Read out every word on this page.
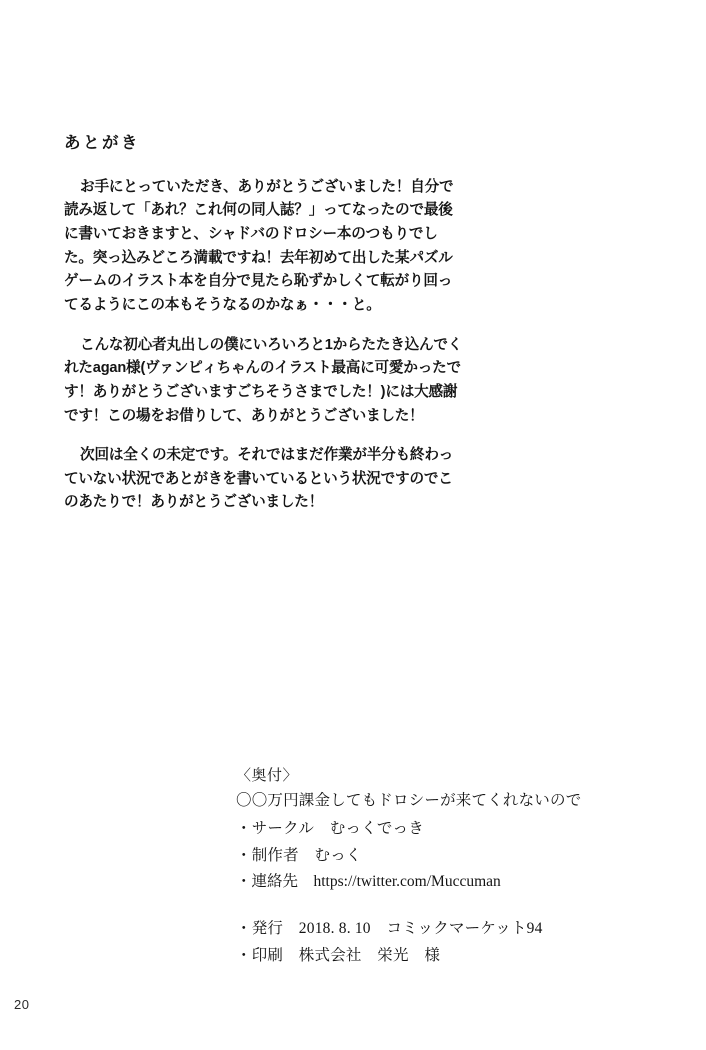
あとがき

お手にとっていただき、ありがとうございました！自分で読み返して「あれ？これ何の同人誌？」ってなったので最後に書いておきますと、シャドバのドロシー本のつもりでした。突っ込みどころ満載ですね！去年初めて出した某パズルゲームのイラスト本を自分で見たら恥ずかしくて転がり回ってるようにこの本もそうなるのかなぁ・・・と。

こんな初心者丸出しの僕にいろいろと1からたたき込んでくれたagan様(ヴァンピィちゃんのイラスト最高に可愛かったです！ありがとうございますごちそうさまでした！)には大感謝です！この場をお借りして、ありがとうございました！

次回は全くの未定です。それではまだ作業が半分も終わっていない状況であとがきを書いているという状況ですのでこのあたりで！ありがとうございました！

〈奥付〉

〇〇万円課金してもドロシーが来てくれないので

・サークル　むっくでっき

・制作者　むっく

・連絡先　https://twitter.com/Muccuman

・発行　2018. 8. 10　コミックマーケット94

・印刷　株式会社　栄光　様

20
